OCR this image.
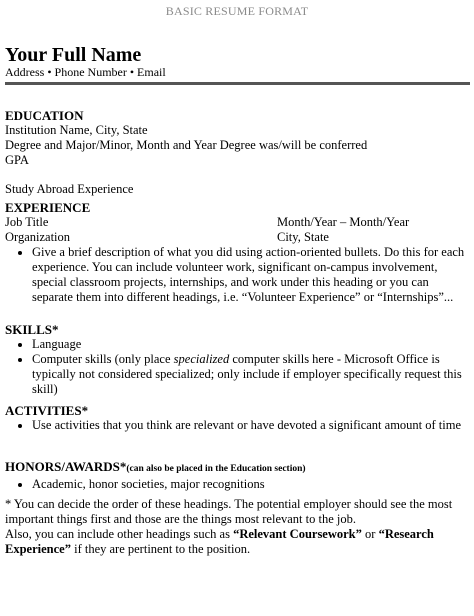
BASIC RESUME FORMAT
Your Full Name
Address • Phone Number • Email
EDUCATION
Institution Name, City, State
Degree and Major/Minor, Month and Year Degree was/will be conferred
GPA
Study Abroad Experience
EXPERIENCE
Job Title	Month/Year – Month/Year
Organization	City, State
• Give a brief description of what you did using action-oriented bullets. Do this for each experience. You can include volunteer work, significant on-campus involvement, special classroom projects, internships, and work under this heading or you can separate them into different headings, i.e. “Volunteer Experience” or “Internships”...
SKILLS*
• Language
• Computer skills (only place specialized computer skills here - Microsoft Office is typically not considered specialized; only include if employer specifically request this skill)
ACTIVITIES*
• Use activities that you think are relevant or have devoted a significant amount of time
HONORS/AWARDS*(can also be placed in the Education section)
• Academic, honor societies, major recognitions
* You can decide the order of these headings. The potential employer should see the most important things first and those are the things most relevant to the job.
Also, you can include other headings such as “Relevant Coursework” or “Research Experience” if they are pertinent to the position.
